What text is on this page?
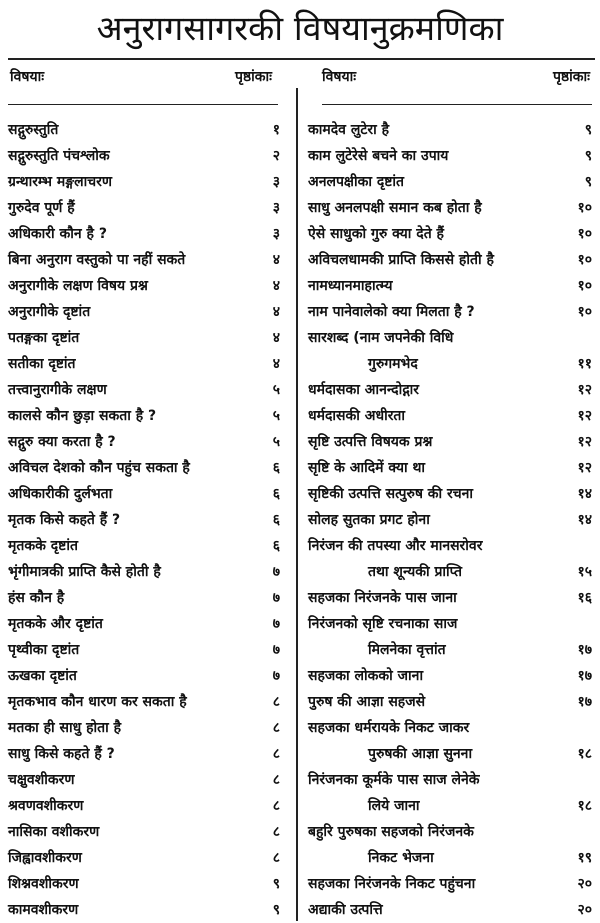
अनुरागसागरकी विषयानुक्रमणिका
विषयाः	पृष्ठांकाः	विषयाः	पृष्ठांकाः
सद्गुरुस्तुति	१
सद्गुरुस्तुति पंचश्लोक	२
ग्रन्थारम्भ मङ्गलाचरण	३
गुरुदेव पूर्ण हैं	३
अधिकारी कौन है ?	३
बिना अनुराग वस्तुको पा नहीं सकते	४
अनुरागीके लक्षण विषय प्रश्न	४
अनुरागीके दृष्टांत	४
पतङ्गका दृष्टांत	४
सतीका दृष्टांत	४
तत्त्वानुरागीके लक्षण	५
कालसे कौन छुड़ा सकता है ?	५
सद्गुरु क्या करता है ?	५
अविचल देशको कौन पहुंच सकता है	६
अधिकारीकी दुर्लभता	६
मृतक किसे कहते हैं ?	६
मृतकके दृष्टांत	६
भृंगीमात्रकी प्राप्ति कैसे होती है	७
हंस कौन है	७
मृतकके और दृष्टांत	७
पृथ्वीका दृष्टांत	७
ऊखका दृष्टांत	७
मृतकभाव कौन धारण कर सकता है	८
मतका ही साधु होता है	८
साधु किसे कहते हैं ?	८
चक्षुवशीकरण	८
श्रवणवशीकरण	८
नासिका वशीकरण	८
जिह्वावशीकरण	८
शिश्नवशीकरण	९
कामवशीकरण	९
कामदेव लुटेरा है	९
काम लुटेरेसे बचने का उपाय	९
अनलपक्षीका दृष्टांत	९
साधु अनलपक्षी समान कब होता है	१०
ऐसे साधुको गुरु क्या देते हैं	१०
अविचलधामकी प्राप्ति किससे होती है	१०
नामध्यानमाहात्म्य	१०
नाम पानेवालेको क्या मिलता है ?	१०
सारशब्द (नाम जपनेकी विधि
गुरुगमभेद	११
धर्मदासका आनन्दोद्गार	१२
धर्मदासकी अधीरता	१२
सृष्टि उत्पत्ति विषयक प्रश्न	१२
सृष्टि के आदिमें क्या था	१२
सृष्टिकी उत्पत्ति सत्पुरुष की रचना	१४
सोलह सुतका प्रगट होना	१४
निरंजन की तपस्या और मानसरोवर
तथा शून्यकी प्राप्ति	१५
सहजका निरंजनके पास जाना	१६
निरंजनको सृष्टि रचनाका साज
मिलनेका वृत्तांत	१७
सहजका लोकको जाना	१७
पुरुष की आज्ञा सहजसे	१७
सहजका धर्मरायके निकट जाकर
पुरुषकी आज्ञा सुनना	१८
निरंजनका कूर्मके पास साज लेनेके
लिये जाना	१८
बहुरि पुरुषका सहजको निरंजनके
निकट भेजना	१९
सहजका निरंजनके निकट पहुंचना	२०
अद्याकी उत्पत्ति	२०
